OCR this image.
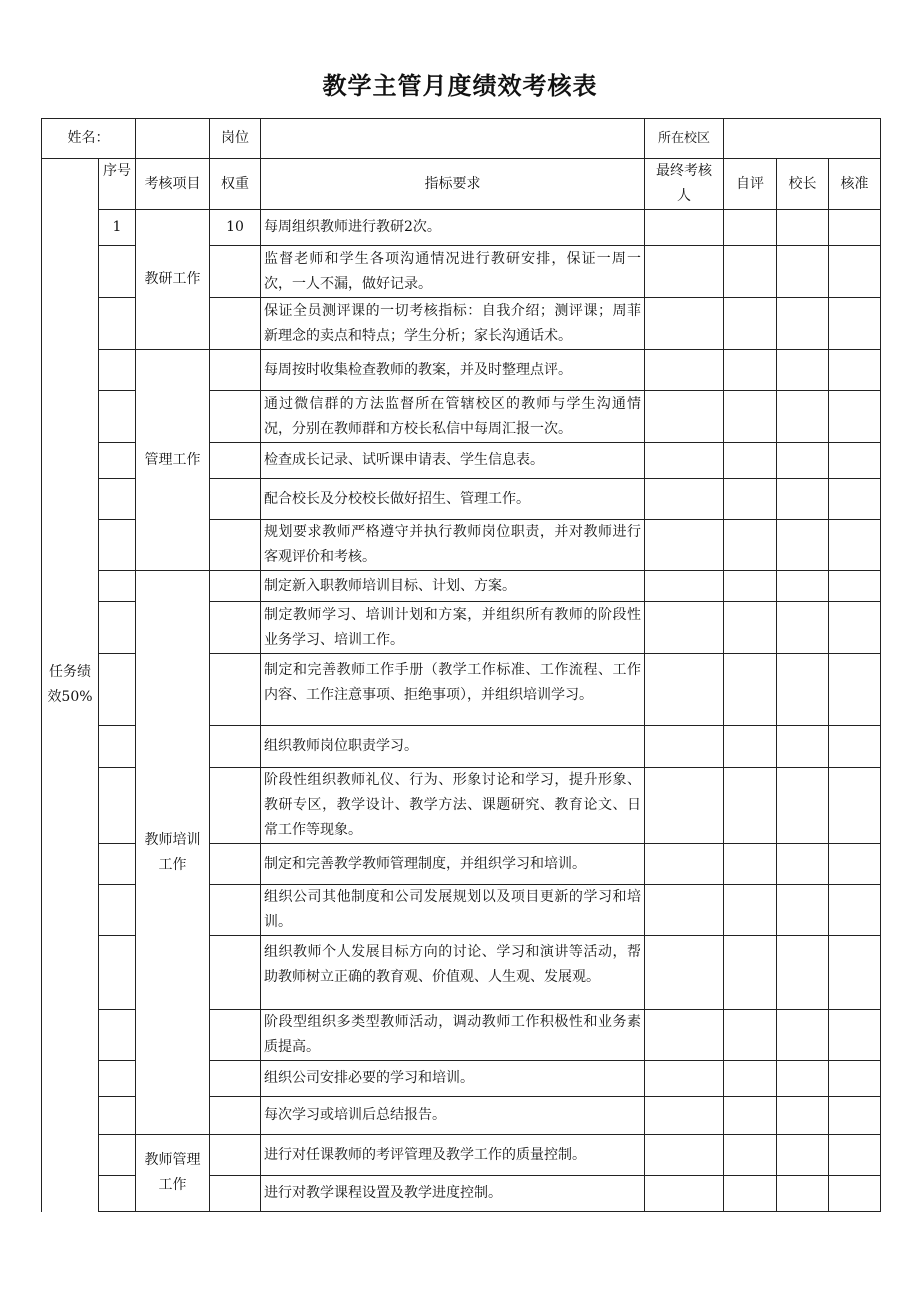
教学主管月度绩效考核表
姓名：			岗位		所在校区			
任务绩效50%	序号	考核项目	权重	指标要求	最终考核人	自评	校长	核准
	1	教研工作	10	每周组织教师进行教研2次。				
				监督老师和学生各项沟通情况进行教研安排，保证一周一次，一人不漏，做好记录。				
				保证全员测评课的一切考核指标：自我介绍；测评课；周菲新理念的卖点和特点；学生分析；家长沟通话术。				
		管理工作		每周按时收集检查教师的教案，并及时整理点评。				
				通过微信群的方法监督所在管辖校区的教师与学生沟通情况，分别在教师群和方校长私信中每周汇报一次。				
				检查成长记录、试听课申请表、学生信息表。				
				配合校长及分校校长做好招生、管理工作。				
				规划要求教师严格遵守并执行教师岗位职责，并对教师进行客观评价和考核。				
		教师培训工作		制定新入职教师培训目标、计划、方案。				
				制定教师学习、培训计划和方案，并组织所有教师的阶段性业务学习、培训工作。				
				制定和完善教师工作手册（教学工作标准、工作流程、工作内容、工作注意事项、拒绝事项），并组织培训学习。				
				组织教师岗位职责学习。				
				阶段性组织教师礼仪、行为、形象讨论和学习，提升形象、教研专区，教学设计、教学方法、课题研究、教育论文、日常工作等现象。				
				制定和完善教学教师管理制度，并组织学习和培训。				
				组织公司其他制度和公司发展规划以及项目更新的学习和培训。				
				组织教师个人发展目标方向的讨论、学习和演讲等活动，帮助教师树立正确的教育观、价值观、人生观、发展观。				
				阶段型组织多类型教师活动，调动教师工作积极性和业务素质提高。				
				组织公司安排必要的学习和培训。				
				每次学习或培训后总结报告。				
		教师管理工作		进行对任课教师的考评管理及教学工作的质量控制。				
				进行对教学课程设置及教学进度控制。				
